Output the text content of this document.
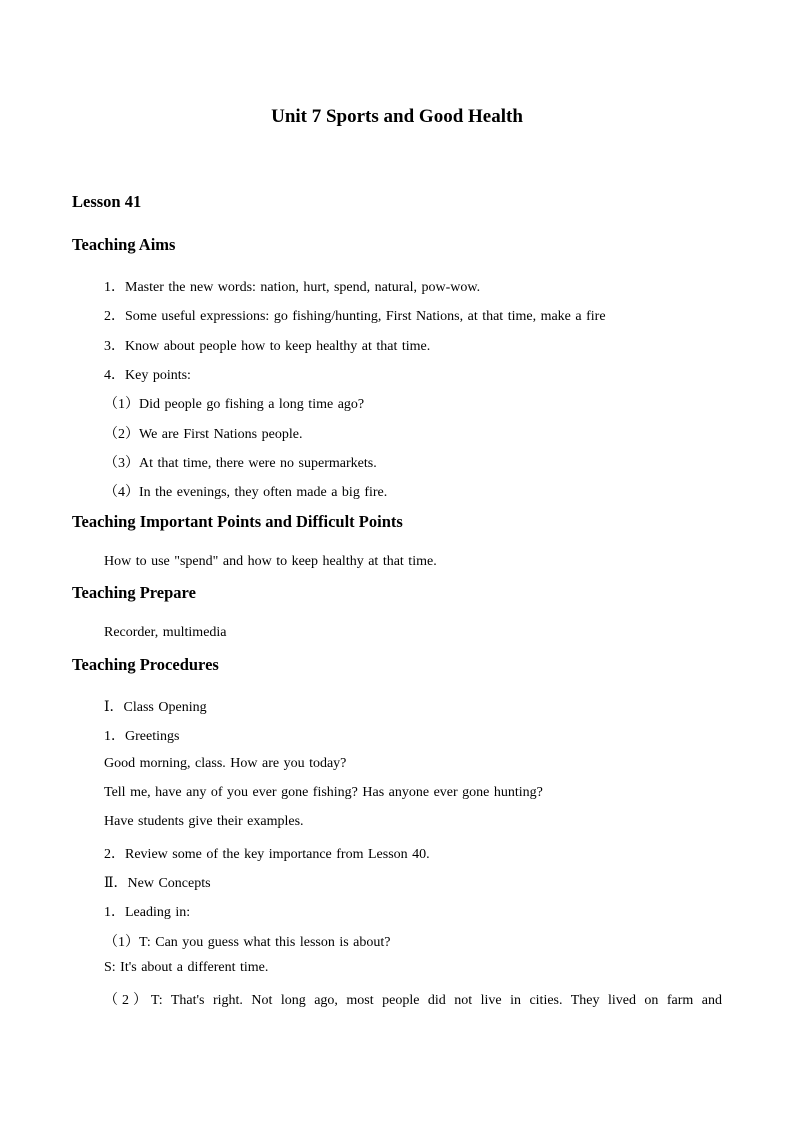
Unit 7 Sports and Good Health
Lesson 41
Teaching Aims
1．Master the new words: nation, hurt, spend, natural, pow-wow.
2．Some useful expressions: go fishing/hunting, First Nations, at that time, make a fire
3．Know about people how to keep healthy at that time.
4．Key points:
（1）Did people go fishing a long time ago?
（2）We are First Nations people.
（3）At that time, there were no supermarkets.
（4）In the evenings, they often made a big fire.
Teaching Important Points and Difficult Points
How to use "spend" and how to keep healthy at that time.
Teaching Prepare
Recorder, multimedia
Teaching Procedures
Ⅰ．Class Opening
1．Greetings
Good morning, class. How are you today?
Tell me, have any of you ever gone fishing? Has anyone ever gone hunting?
Have students give their examples.
2．Review some of the key importance from Lesson 40.
Ⅱ．New Concepts
1．Leading in:
（1）T: Can you guess what this lesson is about?
S: It's about a different time.
（2）T: That's right. Not long ago, most people did not live in cities. They lived on farm and
